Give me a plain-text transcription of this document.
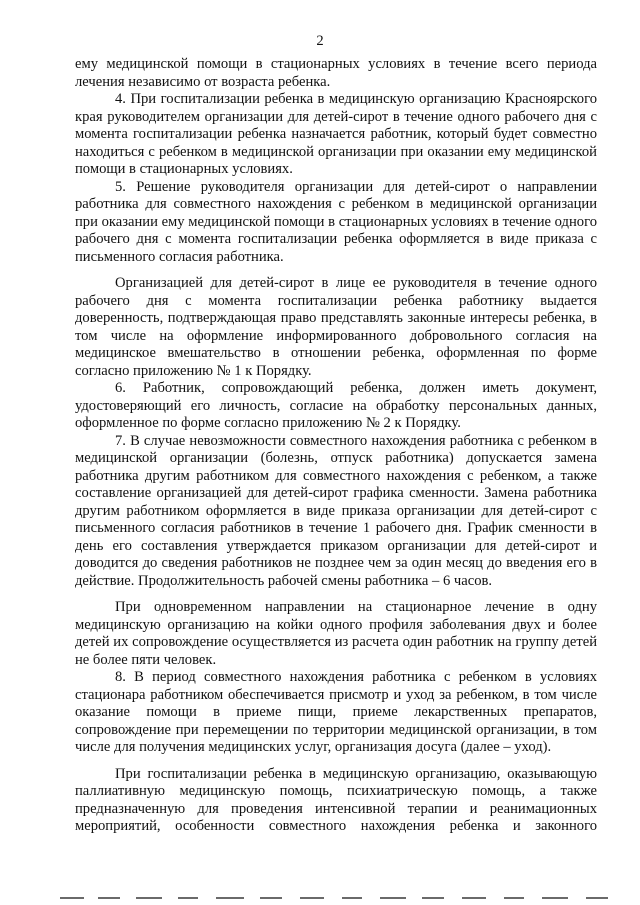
2

ему медицинской помощи в стационарных условиях в течение всего периода лечения независимо от возраста ребенка.

4. При госпитализации ребенка в медицинскую организацию Красноярского края руководителем организации для детей-сирот в течение одного рабочего дня с момента госпитализации ребенка назначается работник, который будет совместно находиться с ребенком в медицинской организации при оказании ему медицинской помощи в стационарных условиях.

5. Решение руководителя организации для детей-сирот о направлении работника для совместного нахождения с ребенком в медицинской организации при оказании ему медицинской помощи в стационарных условиях в течение одного рабочего дня с момента госпитализации ребенка оформляется в виде приказа с письменного согласия работника.

Организацией для детей-сирот в лице ее руководителя в течение одного рабочего дня с момента госпитализации ребенка работнику выдается доверенность, подтверждающая право представлять законные интересы ребенка, в том числе на оформление информированного добровольного согласия на медицинское вмешательство в отношении ребенка, оформленная по форме согласно приложению № 1 к Порядку.

6. Работник, сопровождающий ребенка, должен иметь документ, удостоверяющий его личность, согласие на обработку персональных данных, оформленное по форме согласно приложению № 2 к Порядку.

7. В случае невозможности совместного нахождения работника с ребенком в медицинской организации (болезнь, отпуск работника) допускается замена работника другим работником для совместного нахождения с ребенком, а также составление организацией для детей-сирот графика сменности. Замена работника другим работником оформляется в виде приказа организации для детей-сирот с письменного согласия работников в течение 1 рабочего дня. График сменности в день его составления утверждается приказом организации для детей-сирот и доводится до сведения работников не позднее чем за один месяц до введения его в действие. Продолжительность рабочей смены работника – 6 часов.

При одновременном направлении на стационарное лечение в одну медицинскую организацию на койки одного профиля заболевания двух и более детей их сопровождение осуществляется из расчета один работник на группу детей не более пяти человек.

8. В период совместного нахождения работника с ребенком в условиях стационара работником обеспечивается присмотр и уход за ребенком, в том числе оказание помощи в приеме пищи, приеме лекарственных препаратов, сопровождение при перемещении по территории медицинской организации, в том числе для получения медицинских услуг, организация досуга (далее – уход).

При госпитализации ребенка в медицинскую организацию, оказывающую паллиативную медицинскую помощь, психиатрическую помощь, а также предназначенную для проведения интенсивной терапии и реанимационных мероприятий, особенности совместного нахождения ребенка и законного
